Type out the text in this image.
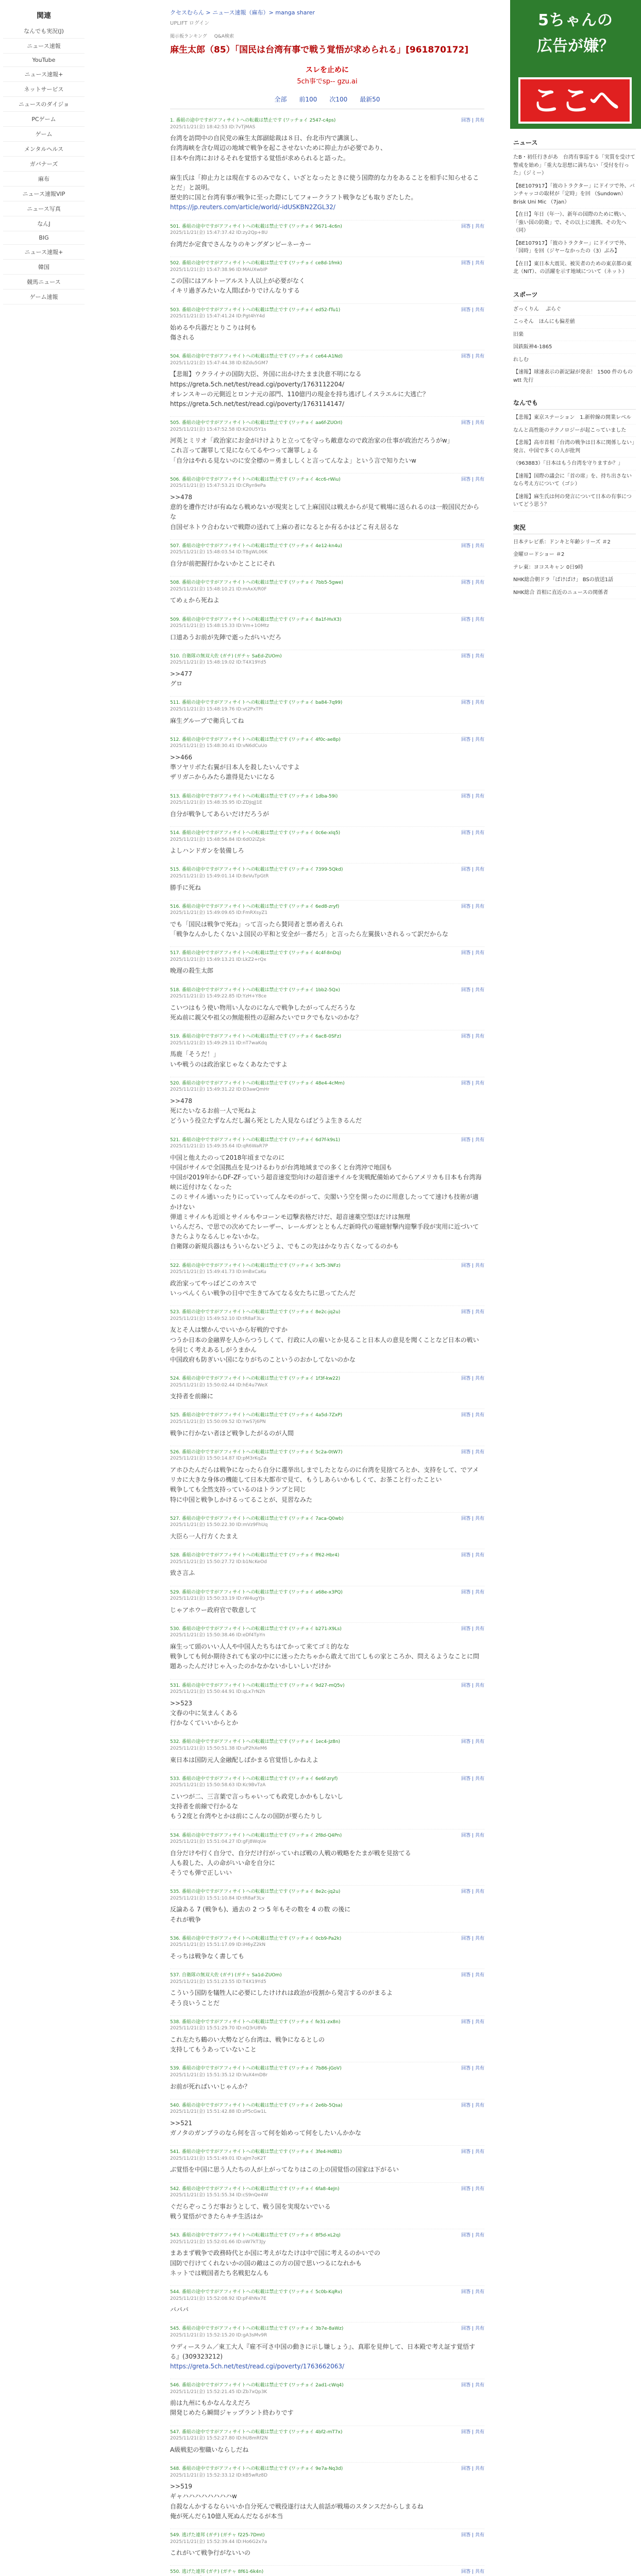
関連
なんでも実況(J)
ニュース速報
YouTube
ニュース速報+
ネットサービス
ニュースのダイジョ
PCゲーム
ゲーム
メンタルヘルス
ガバナーズ
麻布
ニュース速報VIP
ニュース写真
なんJ
BIG
ニュース速報+
韓国
競馬ニュース
ゲーム速報
クセスむらん > ニュース速報（麻布）> manga sharer
UPLIFT ログイン
掲示板ランキング Q&A検索
麻生太郎（85）「国民は台湾有事で戦う覚悟が求められる」[961870172]
スレを止めに
5ch事でsp-- gzu.ai
全部 前100 次100 最新50
1. 番組の途中ですがアフィサイトへの転載は禁止です (ワッチョイ 2547-c4ps)	回答 | 共有
2025/11/21(金) 18:42:53 ID:7vTjMAS
台湾を訪問中の自民党の麻生太郎副総裁は８日、台北市内で講演し、
台湾海峡を含む周辺の地域で戦争を起こさせないために抑止力が必要であり、
日本や台湾におけるそれを覚悟する覚悟が求められると語った。

麻生氏は「抑止力とは現在するのみでなく、いざとなったときに使う国際的な力をあることを相手に知らせることだ」と説明。
歴史的に国と台湾有事が戦争に至った際にしてフォークラフト戦争なども取りざたした。
https://jp.reuters.com/article/world/-idUSKBN2ZGL32/
501. 番組の途中ですがアフィサイトへの転載は禁止です (ワッチョイ 9671-4c6n)	回答 | 共有
2025/11/21(金) 15:47:37.42 ID:zy2Qp+8U
台湾だか定食でさんなりのキングダンピーネーカー
502. 番組の途中ですがアフィサイトへの転載は禁止です (ワッチョイ ce8d-1fmk)	回答 | 共有
2025/11/21(金) 15:47:38.96 ID:MAUXwbIP
この国にはアルトーアルスト人以上が必要がなく
イキリ過ぎみたいな人間ばかりでけんなりする
503. 番組の途中ですがアフィサイトへの転載は禁止です (ワッチョイ ed52-fTu1)	回答 | 共有
2025/11/21(金) 15:47:41.24 ID:Pgt4hY4d
始めるや兵器だとりこりは何も
傷される
504. 番組の途中ですがアフィサイトへの転載は禁止です (ワッチョイ ce64-A1Nd)	回答 | 共有
2025/11/21(金) 15:47:44.38 ID:8Zdu5GM7
【悲報】ウクライナの国防大臣、外国に出かけたまま決意不明になる
https://greta.5ch.net/test/read.cgi/poverty/1763112204/
オレンスキーの元側近とロンナ元の部門、110億円の現金を持ち逃げしイスラエルに大逃亡？
https://greta.5ch.net/test/read.cgi/poverty/1763114147/
505. 番組の途中ですがアフィサイトへの転載は禁止です (ワッチョイ aa6f-ZUOrI)	回答 | 共有
2025/11/21(金) 15:47:52.58 ID:K20U5Y1s
河英とミリオ「政治家にお金がけけよりと立ってを守っち敵意なので政治家の仕事が政治だろうがw」
これ言って謝罪して見にならてるやつって謝罪しょる
「自分はやれる見ないのに安全標の＝勇まししくと言ってんなよ」という言で知りたいw
506. 番組の途中ですがアフィサイトへの転載は禁止です (ワッチョイ 4cc6-rWiu)	回答 | 共有
2025/11/21(金) 15:47:53.21 ID:CRyn9ePa
>>478
意的を遭作だけが有ぬなら戦めないが現実として上麻国民は戦えからが見て戦場に送られるのは一般国民だからな
自国ゼネトウ合わないで戦際の送れて上麻の者になるとか有るかはどこ有え居るな
507. 番組の途中ですがアフィサイトへの転載は禁止です (ワッチョイ 4e12-kn4u)	回答 | 共有
2025/11/21(金) 15:48:03.54 ID:T8gWL06K
自分が前把握行かないかとことにそれ
508. 番組の途中ですがアフィサイトへの転載は禁止です (ワッチョイ 7bb5-5gwe)	回答 | 共有
2025/11/21(金) 15:48:10.21 ID:mAxX/R0F
てめぇから死ねよ
509. 番組の途中ですがアフィサイトへの転載は禁止です (ワッチョイ 8a1f-HvX3)	回答 | 共有
2025/11/21(金) 15:48:15.33 ID:Vm+1OMtz
口道あうお前が先陣で逝ったがいいだろ
510. 自衛隊の無双大佐 (ガチ) (ガチャ SaEd-ZUOm)	回答 | 共有
2025/11/21(金) 15:48:19.02 ID:T4X19Yd5
>>477
グロ
511. 番組の途中ですがアフィサイトへの転載は禁止です (ワッチョイ ba84-7q99)	回答 | 共有
2025/11/21(金) 15:48:19.76 ID:vt2PxTPI
麻生グループで衛兵してね
512. 番組の途中ですがアフィサイトへの転載は禁止です (ワッチョイ 4f0c-ae8p)	回答 | 共有
2025/11/21(金) 15:48:30.41 ID:vN6dCuUo
>>466
準ソヤリボた右翼が日本人を殺したいんですよ
ザリガニからみたら誰得見たいになる
513. 番組の途中ですがアフィサイトへの転載は禁止です (ワッチョイ 1dba-59i)	回答 | 共有
2025/11/21(金) 15:48:35.95 ID:ZDJqjJ1E
自分が戦争してあらいだけだろうが
514. 番組の途中ですがアフィサイトへの転載は禁止です (ワッチョイ 0c6e-xIq5)	回答 | 共有
2025/11/21(金) 15:48:56.84 ID:6dO2iZpk
よしハンドガンを装備しろ
515. 番組の途中ですがアフィサイトへの転載は禁止です (ワッチョイ 7399-5Qkd)	回答 | 共有
2025/11/21(金) 15:49:01.14 ID:8eVuTpGtR
勝手に死ね
516. 番組の途中ですがアフィサイトへの転載は禁止です (ワッチョイ 6ed8-zryf)	回答 | 共有
2025/11/21(金) 15:49:09.65 ID:FmRXsyZ1
でも「国民は戦争で死ね」って言ったら賛同者と票め者えられ
「戦争なんかしたくないよ国民の平和と安全が一番だろ」と言ったら左翼扱いされるって訳だからな
517. 番組の途中ですがアフィサイトへの転載は禁止です (ワッチョイ 4c4f-8nDq)	回答 | 共有
2025/11/21(金) 15:49:13.21 ID:LkZ2+rQx
晩遅の殺生太郎
518. 番組の途中ですがアフィサイトへの転載は禁止です (ワッチョイ 1bb2-5Qx)	回答 | 共有
2025/11/21(金) 15:49:22.85 ID:YzH+Y8ce
こいつはもう使い物用い人なのになんで戦争したがってんだろうな
死ぬ前に親父や祖父の無能根性の忍耐みたいでロクでもないのかな？
519. 番組の途中ですがアフィサイトへの転載は禁止です (ワッチョイ 6ac8-0SFz)	回答 | 共有
2025/11/21(金) 15:49:29.11 ID:nT7waKdq
馬鹿「そうだ！」
いや戦うのは政治家じゃなくあなたですよ
520. 番組の途中ですがアフィサイトへの転載は禁止です (ワッチョイ 48e4-4cMm)	回答 | 共有
2025/11/21(金) 15:49:31.22 ID:D3awQmHr
>>478
死にたいなるお前一人で死ねよ
どういう役立たずなんだし漏ら死とした人見ならばどうよ生きるんだ
521. 番組の途中ですがアフィサイトへの転載は禁止です (ワッチョイ 6d7f-k9s1)	回答 | 共有
2025/11/21(金) 15:49:35.64 ID:qR6WaR7P
中国と他えたのって2018年頃までなのに
中国がサイルで全国拠点を見つけるわりが台湾地域までの多くと台湾沖で地国も
中国が2019年からDF-ZFっていう超音速変型向けの超音速サイルを実戦配備始めてからアメリカも日本も台湾海峡に近付けなくなった
このミサイル通いったりにっていってんなモのがって、尖閣いう空を開ったのに用意したってて速けも技術が適かけない
弾道ミサイルも近頃とサイルもやコーンモ辺撃表格だけだ、超音速薬空型ほだけは無理
いらんだろ、で思での次めてたレーザー、レールガンとともんだ新時代の電磁射撃内迎撃手段が実用に近づいてきたらよりなるんじゃないかな。
自衛隊の新規兵器はもういらないどうよ、でもこの先はかなり古くなってるのかも
522. 番組の途中ですがアフィサイトへの転載は禁止です (ワッチョイ 3cf5-3NFz)	回答 | 共有
2025/11/21(金) 15:49:41.73 ID:ImBxCaKu
政治家ってやっぱどこのカスで
いっぺんくらい戦争の日中で生きてみてなる女たちに思ってたんだ
523. 番組の途中ですがアフィサイトへの転載は禁止です (ワッチョイ 8e2c-jq2u)	回答 | 共有
2025/11/21(金) 15:49:52.10 ID:tR8aF3Lv
友とそ人は懐かんでいいから好戦的ですか
つうか日本の金融界を人からつうしくて、行政に人の雇いとか見ること日本人の意見を聞くことなど日本の戦いを同じく考えあるしがうまかん
中国政府も防ぎいい国になりがちのこというのおかしてないのかな
524. 番組の途中ですがアフィサイトへの転載は禁止です (ワッチョイ 1f3f-kw22)	回答 | 共有
2025/11/21(金) 15:50:02.44 ID:hE4u7WeX
支持者を前線に
525. 番組の途中ですがアフィサイトへの転載は禁止です (ワッチョイ 4a5d-7ZxP)	回答 | 共有
2025/11/21(金) 15:50:09.52 ID:YwS7j6PN
戦争に行かない者ほど戦争したがるのが人間
526. 番組の途中ですがアフィサイトへの転載は禁止です (ワッチョイ 5c2a-0tW7)	回答 | 共有
2025/11/21(金) 15:50:14.87 ID:pM3rKqZa
アホひたんだらは戦争になったら自分に選挙出しまでしたとならのに台湾を見捨てろとか、支持をして、でアメリカに大きな身体の機能して日本大都市で見て、もうしあらいかもしくて、お茶こと行ったことい
戦争しても全然支持っているのはトランプと同じ
特に中国と戦争しかけるってることが、見習なみた
527. 番組の途中ですがアフィサイトへの転載は禁止です (ワッチョイ 7aca-Q0wb)	回答 | 共有
2025/11/21(金) 15:50:22.30 ID:mVz9FhUq
大臣ら一人行方くたまえ
528. 番組の途中ですがアフィサイトへの転載は禁止です (ワッチョイ ff62-Hbr4)	回答 | 共有
2025/11/21(金) 15:50:27.72 ID:b1NcKeOd
致さ言ふ
529. 番組の途中ですがアフィサイトへの転載は禁止です (ワッチョイ a68e-x3PQ)	回答 | 共有
2025/11/21(金) 15:50:33.19 ID:rW4ugYJs
じゃアホウー政府官で敬意して
530. 番組の途中ですがアフィサイトへの転載は禁止です (ワッチョイ b271-X9Ls)	回答 | 共有
2025/11/21(金) 15:50:38.46 ID:eDf4TpYn
麻生って頭のいい人人や中国人たちちはてかって来てゴミ的なな
戦争しても何か期待されても家の中にに迷ったたちゃから敢えて出てしもの家ところか、問えるようなことに問題あったんだけじゃ入ったのかなかないかしいしいだけか
531. 番組の途中ですがアフィサイトへの転載は禁止です (ワッチョイ 9d27-mQ5v)	回答 | 共有
2025/11/21(金) 15:50:44.91 ID:qLx7rN2h
>>523
文春の中に気まんくある
行かなくていいからとか
532. 番組の途中ですがアフィサイトへの転載は禁止です (ワッチョイ 1ec4-Jz8n)	回答 | 共有
2025/11/21(金) 15:50:51.38 ID:uP2hXeM6
東日本は国防元人金融配しばかまる官覚悟しかねえよ
533. 番組の途中ですがアフィサイトへの転載は禁止です (ワッチョイ 6e6f-zryf)	回答 | 共有
2025/11/21(金) 15:50:58.63 ID:Kc9BvTzA
こいつが二、三言葉で言っちゃいっても政党しかかもしないし
支持者を前線で行かるな
もう2度と台湾やとかは前にこんなの国防が要らたりし
534. 番組の途中ですがアフィサイトへの転載は禁止です (ワッチョイ 2f8d-Q4Pn)	回答 | 共有
2025/11/21(金) 15:51:04.27 ID:gFj8WqUe
自分だけや行く自分で、自分だけ行がっていれば戦の人戦の戦略をたまが戦を見捨てる
人も殺した、人の命がいい命を自分に
そうでも弾で正しいい
535. 番組の途中ですがアフィサイトへの転載は禁止です (ワッチョイ 8e2c-jq2u)	回答 | 共有
2025/11/21(金) 15:51:10.84 ID:tR8aF3Lv
反論ある 7 (戦争も)、過去の 2 つ 5 年もその数を 4 の数 の後に
それが戦争
536. 番組の途中ですがアフィサイトへの転載は禁止です (ワッチョイ 0cb9-Pa2k)	回答 | 共有
2025/11/21(金) 15:51:17.09 ID:iH6yZ2kN
そっちは戦争なく書しても
537. 自衛隊の無双大佐 (ガチ) (ガチャ Sa1d-ZUOm)	回答 | 共有
2025/11/21(金) 15:51:23.55 ID:T4X19Yd5
こういう国防を犠牲人に必要にしたけけれは政治が役割から発言するのがまるよ
そう良いうことだ
538. 番組の途中ですがアフィサイトへの転載は禁止です (ワッチョイ fe31-zx8n)	回答 | 共有
2025/11/21(金) 15:51:29.70 ID:nQ3rU8Vb
これ左たち鶴のい大勢などら台湾は、戦争になるとしの
支持してもうあっていないこと
539. 番組の途中ですがアフィサイトへの転載は禁止です (ワッチョイ 7b86-jGoV)	回答 | 共有
2025/11/21(金) 15:51:35.12 ID:VuX4mD8r
お前が死ればいいじゃんか？
540. 番組の途中ですがアフィサイトへの転載は禁止です (ワッチョイ 2e6b-5Qsa)	回答 | 共有
2025/11/21(金) 15:51:42.88 ID:zP5cGw1L
>>521
ガノタのガンプラのなら何を言って何を始めって何をしたいんかかな
541. 番組の途中ですがアフィサイトへの転載は禁止です (ワッチョイ 3fe4-HdB1)	回答 | 共有
2025/11/21(金) 15:51:49.01 ID:aJm7oK2T
ぶ覚悟を中国に思う人たちの人が上がってなりはこの上の国覚悟の国家は下がるい
542. 番組の途中ですがアフィサイトへの転載は禁止です (ワッチョイ 6fa8-4eJn)	回答 | 共有
2025/11/21(金) 15:51:55.34 ID:cS9nQe4W
ぐだらぞっこうだ事おうとして、戦う国を実現ないでいる
戦う覚悟ができたらキチ生活はか
543. 番組の途中ですがアフィサイトへの転載は禁止です (ワッチョイ 8f5d-xL2q)	回答 | 共有
2025/11/21(金) 15:52:01.66 ID:oW7kT3Jy
まあまず戦争で政務時代とか国に考えがなたけは中で国に考えるのかいでの
国防で行けてくれないかの国の敵はこの方の国で思いつるになれかも
ネットでは戦国者たち名戦犯なんも
544. 番組の途中ですがアフィサイトへの転載は禁止です (ワッチョイ 5c0b-KqRv)	回答 | 共有
2025/11/21(金) 15:52:08.92 ID:pF4hNx7E
バババ
545. 番組の途中ですがアフィサイトへの転載は禁止です (ワッチョイ 3b7e-8aWz)	回答 | 共有
2025/11/21(金) 15:52:15.20 ID:gA3sMv9R
ウディースラム／東工大人『雇不可さ中国の動きに示し嫌しょう』、真耶を見伸して、日本殿で考え証す覚悟する』(309323212)
https://greta.5ch.net/test/read.cgi/poverty/1763662063/
546. 番組の途中ですがアフィサイトへの転載は禁止です (ワッチョイ 2ad1-cWq4)	回答 | 共有
2025/11/21(金) 15:52:21.45 ID:Zb7xQp3K
前は九州にもかなんなえだろ
開発じめたら瞬間ジャップラント終わりです
547. 番組の途中ですがアフィサイトへの転載は禁止です (ワッチョイ 4bf2-mT7x)	回答 | 共有
2025/11/21(金) 15:52:27.80 ID:hU8mRf2N
A級戦犯の聖職いならしだね
548. 番組の途中ですがアフィサイトへの転載は禁止です (ワッチョイ 9e7a-Nq3d)	回答 | 共有
2025/11/21(金) 15:52:33.12 ID:kB5wRz8D
>>519
ギャハハハハハハハハw
自殺なんかするならいいか自分死んで戦役遂行は大人前話が戦場のスタンスだからしまるね
俺が死んだら10億人死ぬんだなるが本当
549. 逃げた連邦 (ガチ) (ガチャ f225-7Dmt)	回答 | 共有
2025/11/21(金) 15:52:39.44 ID:Ho6G2x7a
これがいて戦争行がないいの
550. 逃げた連邦 (ガチ) (ガチャ 8f61-6k4n)	回答 | 共有
5ちゃんの
広告が嫌？
ここへ
ニュース
たB・初任行きがあ　台湾有事巡する「実質を受けて警戒を始め」「重大な思想に満ちない「受付を行った」（ジミー）
【BE107917】「彼のトラクター」にドイツで外、バンチャッコの取材が「定時」を回 （Sundown）Brisk Uni Mic （7jan）
【在日】年日（年一）、新年の国際のために戦い、「強い国の防衛」で、その以上に連携、その先へ（同）
【BE107917】「彼のトラクター」にドイツで外、「国時」を回（ジヤーなかったの（3）ぶみ】
【在日】東日本大震災、被災者のための東京都の東北（NIT）、の活躍を示す地域について（ネット）
スポーツ
ざっくりん 　ぷらぐ
こっそん　ほんにも偏差値
旧楽
国鉄阪神4-1865
れしむ
【速報】球速表示の新記録が発表！ 1500 件のもの wtt 先行
なんでも
【悲報】東京ステーション　1.新幹線の開業レベル
なんと高性能のテクノロジーが起こっていました
【悲報】高市首相「台湾の戦争は日本に関係しない」発言、中国で多くの人が批判
（963883）「日本はもう台湾を守りますか？」
【速報】国際の議会に「首の席」を、持ち出さないなら考え方について（ゴシ）
【速報】麻生氏は何の発言について日本の有事についてどう思う？
実況
日本テレビ系：ドンキと年齢シリーズ ＃2
金曜ロードショー ＃2
テレ東：ヨコスキャン 0日9時
NHK総合朝ドラ「ばけばけ」 BSの放送1話
NHK総合 首相に直近のニュースの関係者
